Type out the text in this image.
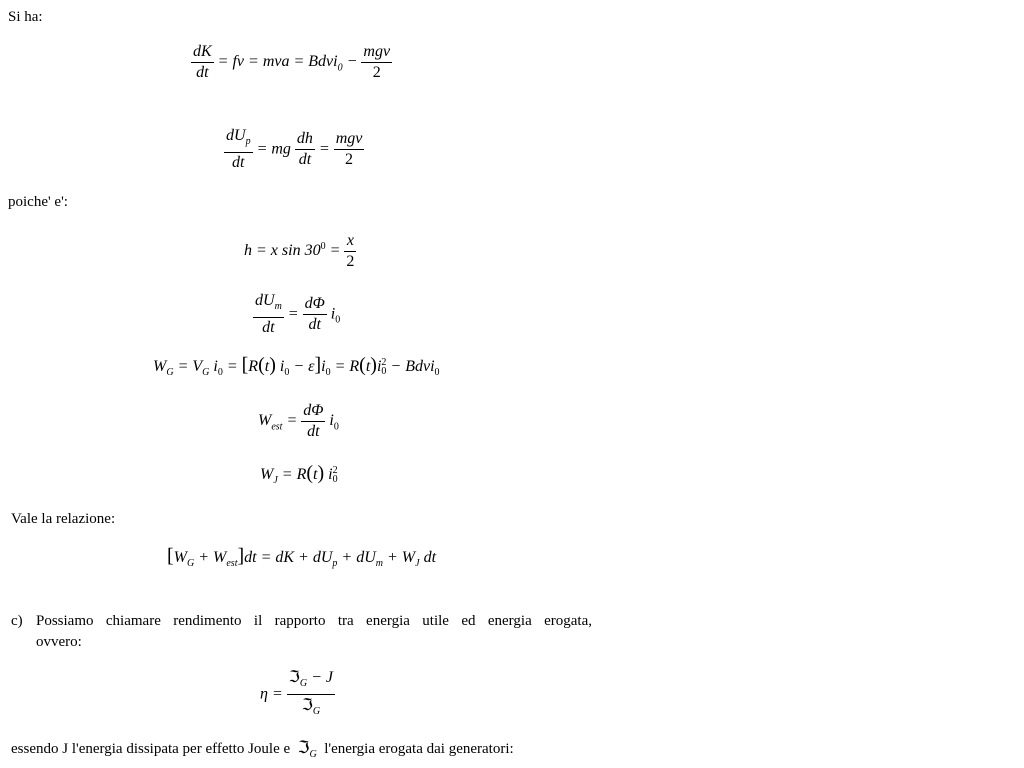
Si ha:
$\frac{dK}{dt}$ = fv = mva = Bdvi$_0$ − $\frac{\text{mgv}}{2}$
$\frac{dU_p}{dt}$ = mg $\frac{dh}{dt} = \frac{\text{mgv}}{2}$
poiche' e':
h = x $\sin 30^0 = \frac{x}{2}$
$\frac{dU_m}{dt} = \frac{d\Phi}{dt} i_0$
$W_G = V_G$ $i_0 = [R(t) i_0 - \varepsilon]i_0 = R(t)i$ 2
0 − Bdvi$_0$
$W_{est} = \frac{d\Phi}{dt} i_0$
$W_J = R(t)$ i 2
0
Vale la relazione:
$[W_G + W_{est}]dt$ = dK + $dU_p + dU_m + W_J$ dt
c) Possiamo chiamare rendimento il rapporto tra energia utile ed energia erogata,
ovvero:
$\eta = \frac{ℑ_G - J}{ℑ_G}$
essendo J l'energia dissipata per effetto Joule e ℑ$_G$ l'energia erogata dai generatori:
